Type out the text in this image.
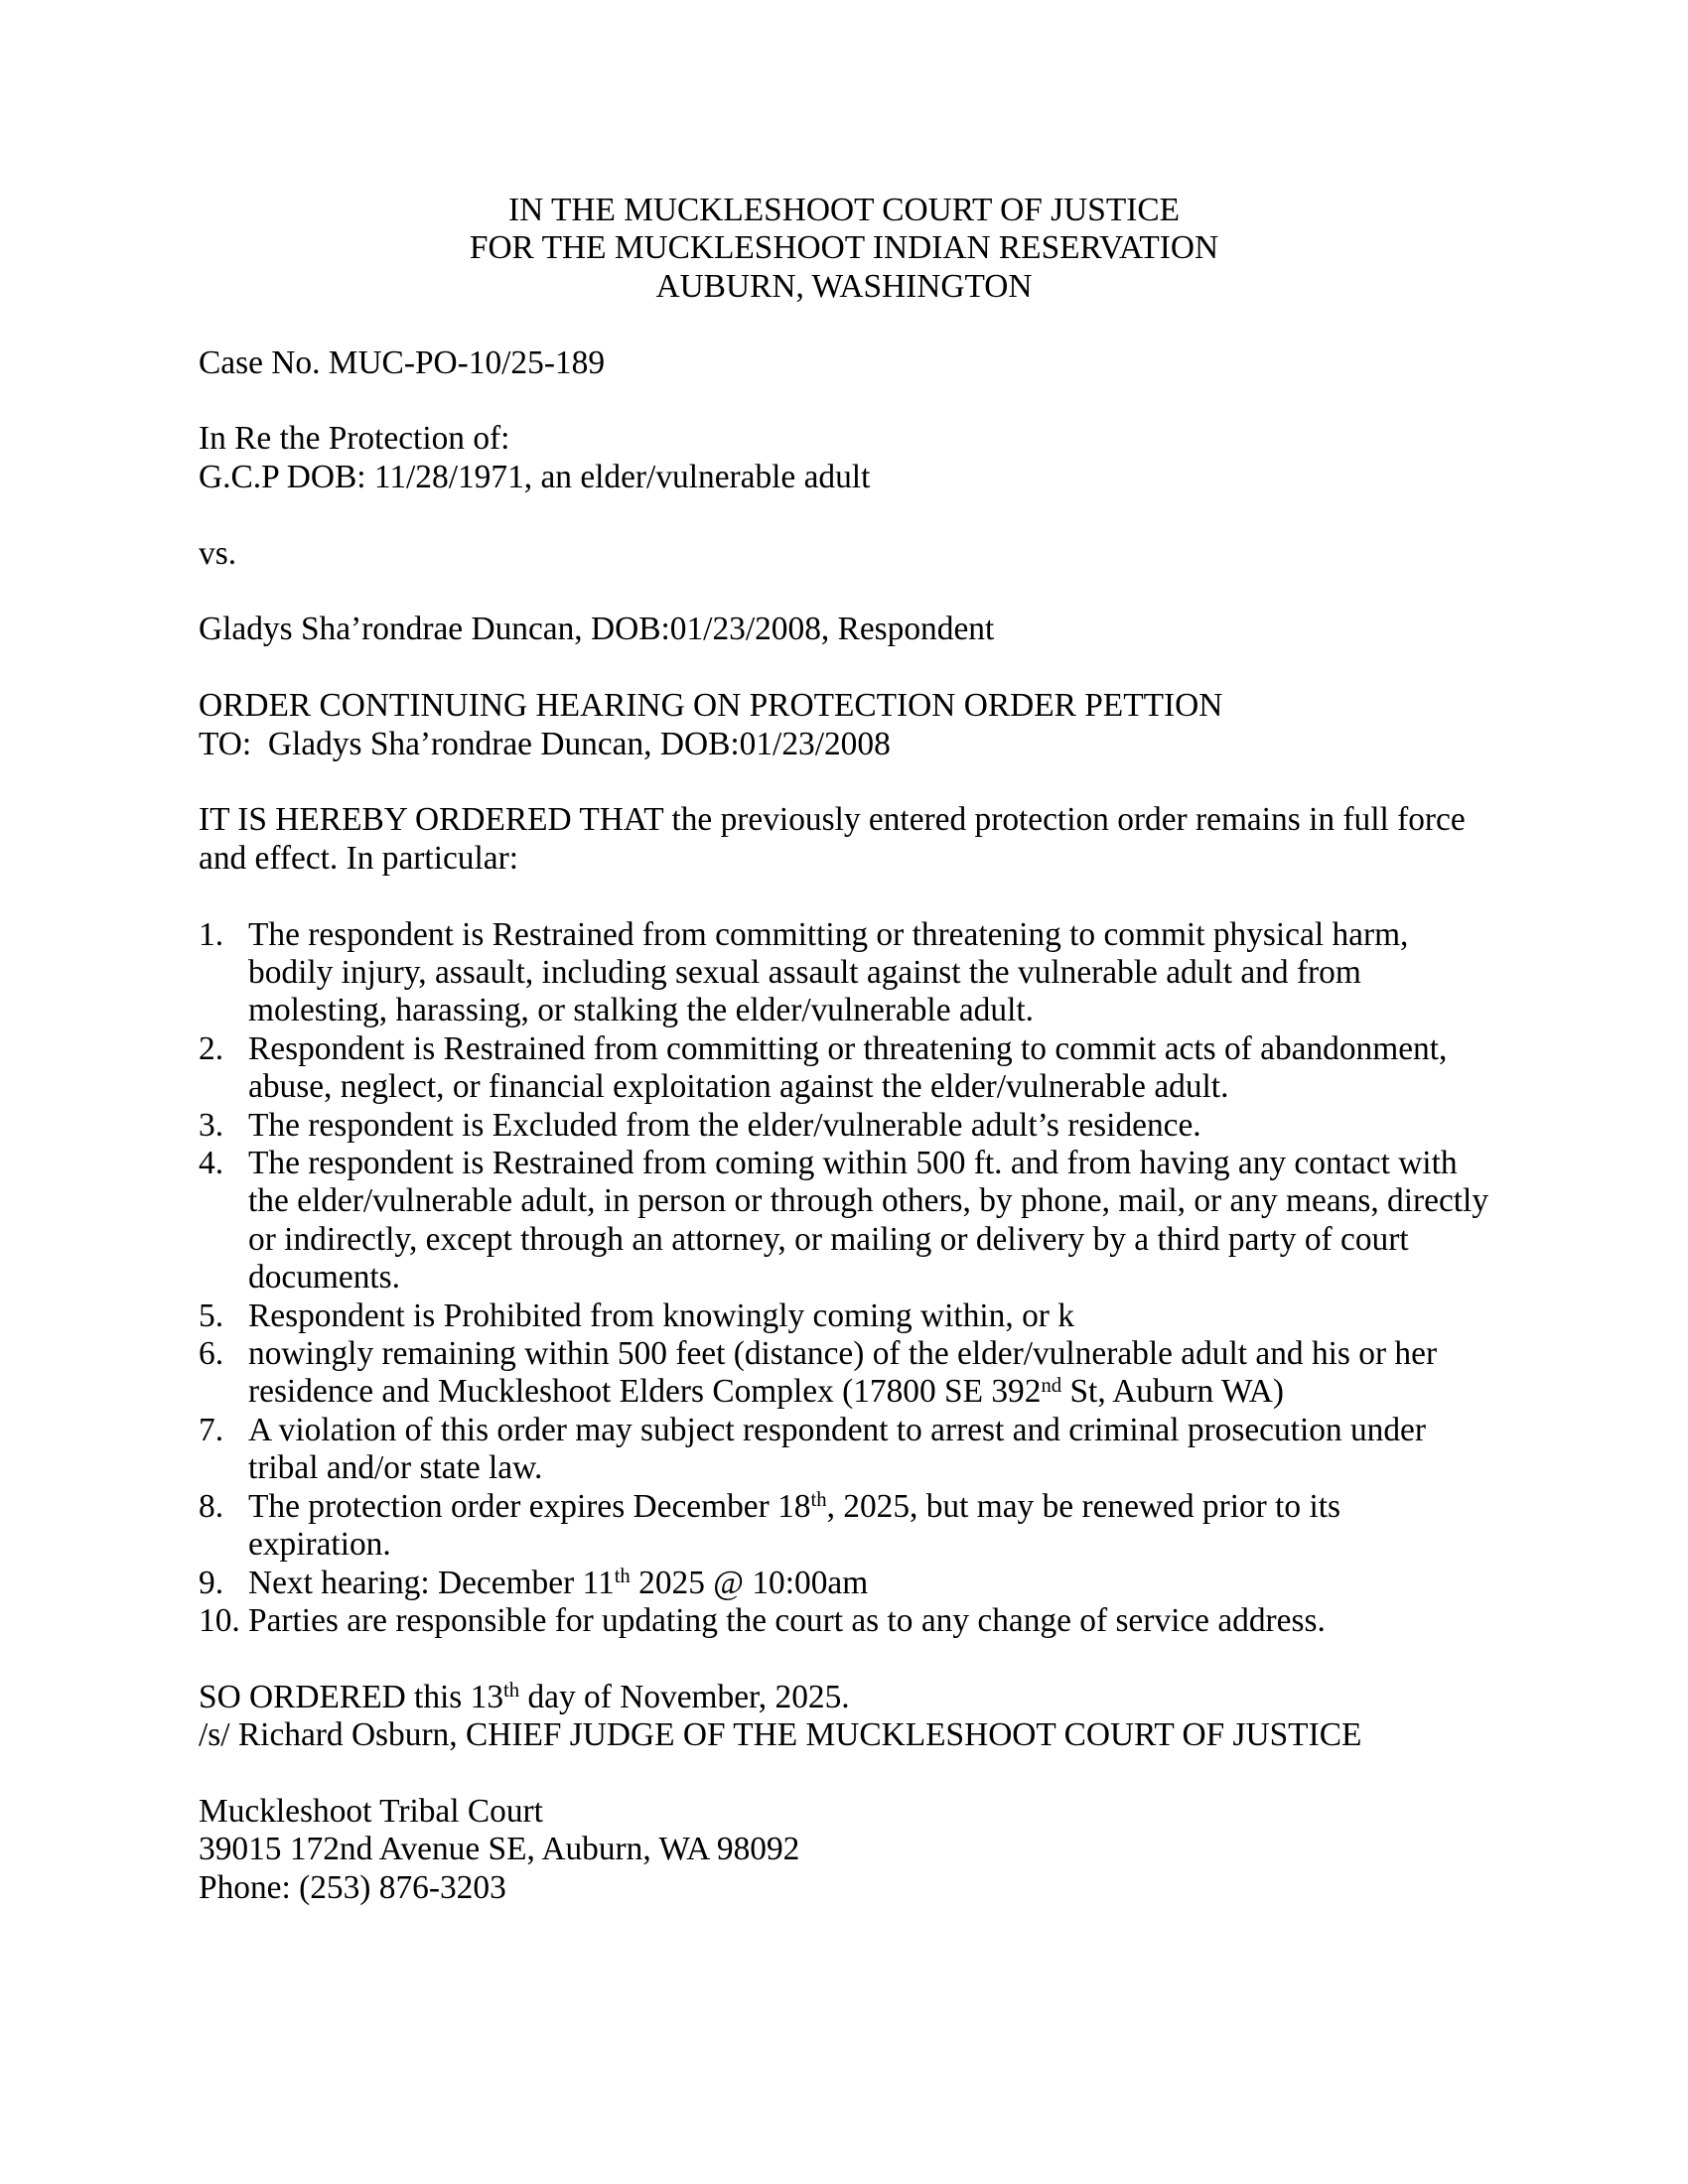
IN THE MUCKLESHOOT COURT OF JUSTICE
FOR THE MUCKLESHOOT INDIAN RESERVATION
AUBURN, WASHINGTON
Case No. MUC-PO-10/25-189
In Re the Protection of:
G.C.P DOB: 11/28/1971, an elder/vulnerable adult
vs.
Gladys Sha’rondrae Duncan, DOB:01/23/2008, Respondent
ORDER CONTINUING HEARING ON PROTECTION ORDER PETTION
TO:  Gladys Sha’rondrae Duncan, DOB:01/23/2008
IT IS HEREBY ORDERED THAT the previously entered protection order remains in full force
and effect. In particular:
1. The respondent is Restrained from committing or threatening to commit physical harm,
bodily injury, assault, including sexual assault against the vulnerable adult and from
molesting, harassing, or stalking the elder/vulnerable adult.
2. Respondent is Restrained from committing or threatening to commit acts of abandonment,
abuse, neglect, or financial exploitation against the elder/vulnerable adult.
3. The respondent is Excluded from the elder/vulnerable adult’s residence.
4. The respondent is Restrained from coming within 500 ft. and from having any contact with
the elder/vulnerable adult, in person or through others, by phone, mail, or any means, directly
or indirectly, except through an attorney, or mailing or delivery by a third party of court
documents.
5. Respondent is Prohibited from knowingly coming within, or k
6. nowingly remaining within 500 feet (distance) of the elder/vulnerable adult and his or her
residence and Muckleshoot Elders Complex (17800 SE 392nd St, Auburn WA)
7. A violation of this order may subject respondent to arrest and criminal prosecution under
tribal and/or state law.
8. The protection order expires December 18th, 2025, but may be renewed prior to its
expiration.
9. Next hearing: December 11th 2025 @ 10:00am
10. Parties are responsible for updating the court as to any change of service address.
SO ORDERED this 13th day of November, 2025.
/s/ Richard Osburn, CHIEF JUDGE OF THE MUCKLESHOOT COURT OF JUSTICE
Muckleshoot Tribal Court
39015 172nd Avenue SE, Auburn, WA 98092
Phone: (253) 876-3203
